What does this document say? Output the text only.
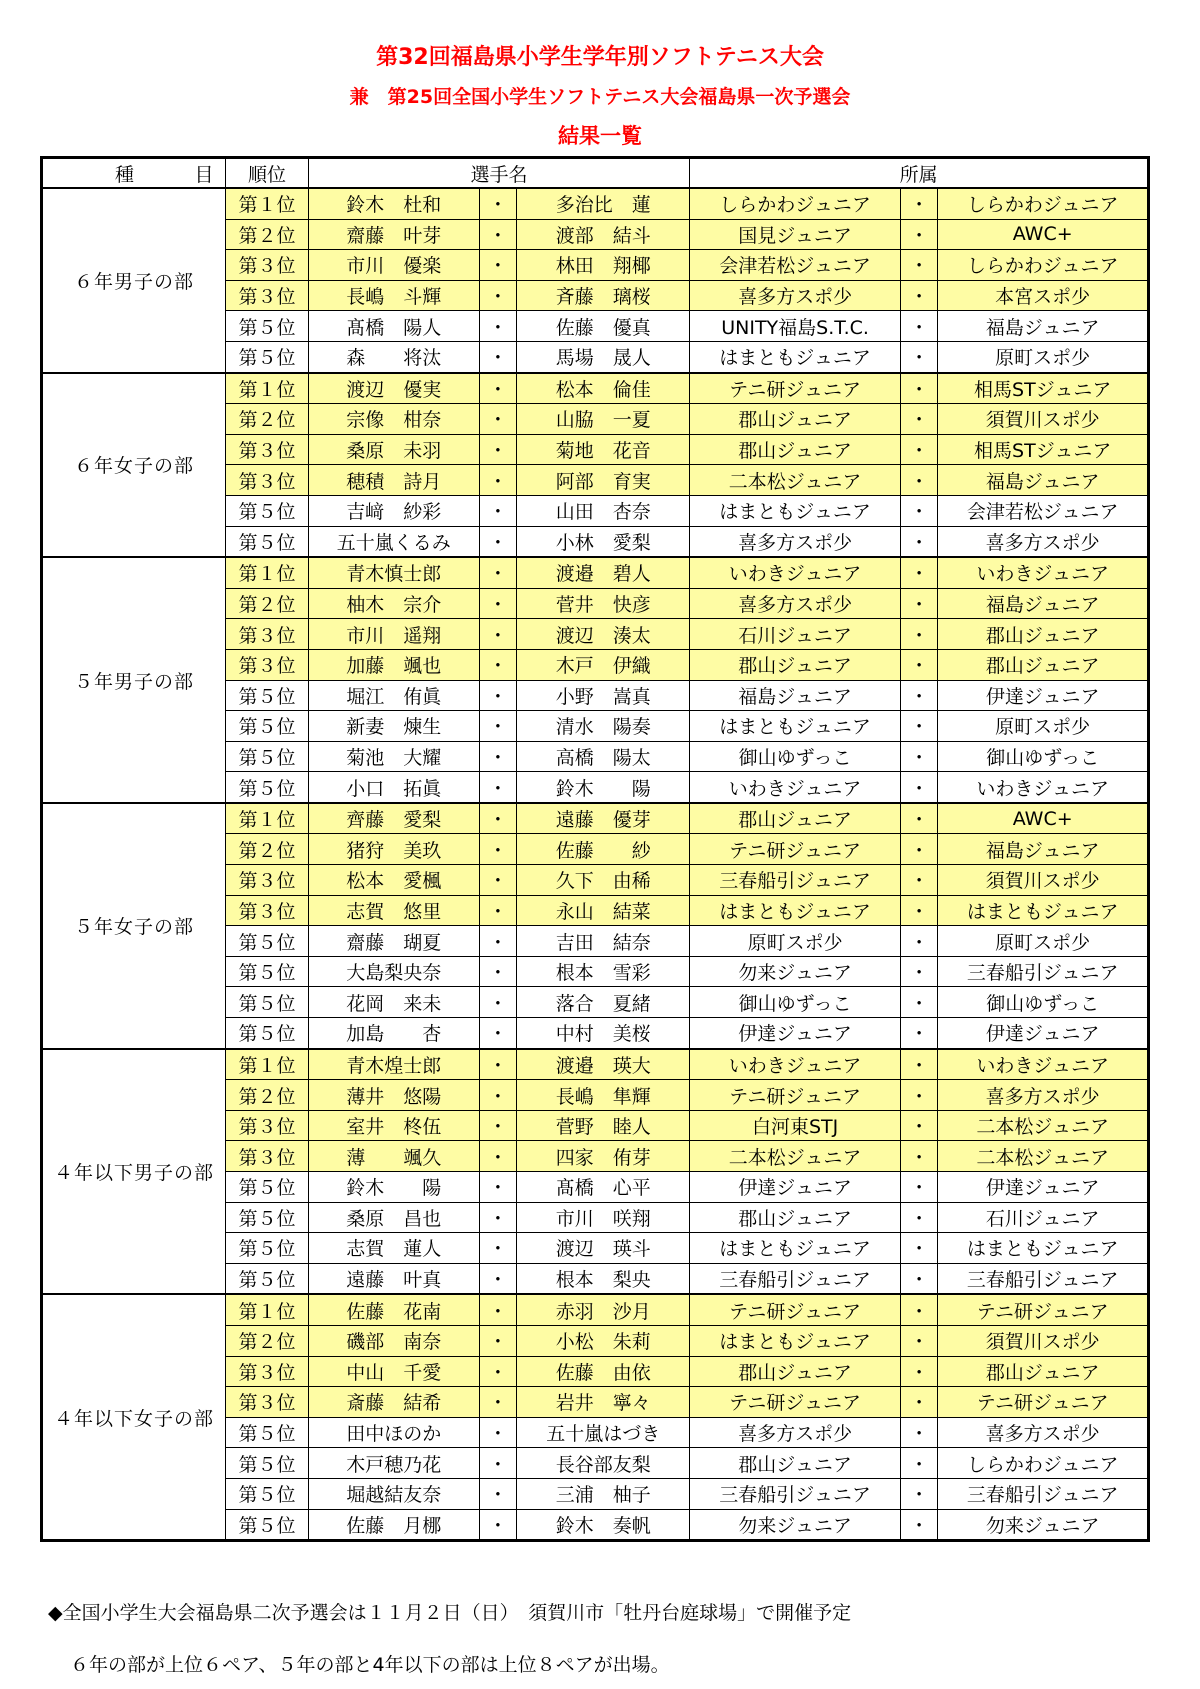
第32回福島県小学生学年別ソフトテニス大会
兼　第25回全国小学生ソフトテニス大会福島県一次予選会
結果一覧
種 目	順位	選手名			所属		
６年男子の部	第１位	鈴木　杜和	・	多治比　蓮	しらかわジュニア	・	しらかわジュニア
	第２位	齋藤　叶芽	・	渡部　結斗	国見ジュニア	・	AWC+
	第３位	市川　優楽	・	林田　翔椰	会津若松ジュニア	・	しらかわジュニア
	第３位	長嶋　斗輝	・	斉藤　璃桜	喜多方スポ少	・	本宮スポ少
	第５位	髙橋　陽人	・	佐藤　優真	UNITY福島S.T.C.	・	福島ジュニア
	第５位	森　　将汰	・	馬場　晟人	はまともジュニア	・	原町スポ少
６年女子の部	第１位	渡辺　優実	・	松本　倫佳	テニ研ジュニア	・	相馬STジュニア
	第２位	宗像　柑奈	・	山脇　一夏	郡山ジュニア	・	須賀川スポ少
	第３位	桑原　未羽	・	菊地　花音	郡山ジュニア	・	相馬STジュニア
	第３位	穂積　詩月	・	阿部　育実	二本松ジュニア	・	福島ジュニア
	第５位	吉﨑　紗彩	・	山田　杏奈	はまともジュニア	・	会津若松ジュニア
	第５位	五十嵐くるみ	・	小林　愛梨	喜多方スポ少	・	喜多方スポ少
５年男子の部	第１位	青木慎士郎	・	渡邉　碧人	いわきジュニア	・	いわきジュニア
	第２位	柚木　宗介	・	菅井　快彦	喜多方スポ少	・	福島ジュニア
	第３位	市川　遥翔	・	渡辺　湊太	石川ジュニア	・	郡山ジュニア
	第３位	加藤　颯也	・	木戸　伊織	郡山ジュニア	・	郡山ジュニア
	第５位	堀江　侑眞	・	小野　嵩真	福島ジュニア	・	伊達ジュニア
	第５位	新妻　煉生	・	清水　陽奏	はまともジュニア	・	原町スポ少
	第５位	菊池　大耀	・	高橋　陽太	御山ゆずっこ	・	御山ゆずっこ
	第５位	小口　拓眞	・	鈴木　　陽	いわきジュニア	・	いわきジュニア
５年女子の部	第１位	齊藤　愛梨	・	遠藤　優芽	郡山ジュニア	・	AWC+
	第２位	猪狩　美玖	・	佐藤　　紗	テニ研ジュニア	・	福島ジュニア
	第３位	松本　愛楓	・	久下　由稀	三春船引ジュニア	・	須賀川スポ少
	第３位	志賀　悠里	・	永山　結菜	はまともジュニア	・	はまともジュニア
	第５位	齋藤　瑚夏	・	吉田　結奈	原町スポ少	・	原町スポ少
	第５位	大島梨央奈	・	根本　雪彩	勿来ジュニア	・	三春船引ジュニア
	第５位	花岡　来未	・	落合　夏緒	御山ゆずっこ	・	御山ゆずっこ
	第５位	加島　　杏	・	中村　美桜	伊達ジュニア	・	伊達ジュニア
４年以下男子の部	第１位	青木煌士郎	・	渡邉　瑛大	いわきジュニア	・	いわきジュニア
	第２位	薄井　悠陽	・	長嶋　隼輝	テニ研ジュニア	・	喜多方スポ少
	第３位	室井　柊伍	・	菅野　睦人	白河東STJ	・	二本松ジュニア
	第３位	薄　　颯久	・	四家　侑芽	二本松ジュニア	・	二本松ジュニア
	第５位	鈴木　　陽	・	髙橋　心平	伊達ジュニア	・	伊達ジュニア
	第５位	桑原　昌也	・	市川　咲翔	郡山ジュニア	・	石川ジュニア
	第５位	志賀　蓮人	・	渡辺　瑛斗	はまともジュニア	・	はまともジュニア
	第５位	遠藤　叶真	・	根本　梨央	三春船引ジュニア	・	三春船引ジュニア
４年以下女子の部	第１位	佐藤　花南	・	赤羽　沙月	テニ研ジュニア	・	テニ研ジュニア
	第２位	磯部　南奈	・	小松　朱莉	はまともジュニア	・	須賀川スポ少
	第３位	中山　千愛	・	佐藤　由依	郡山ジュニア	・	郡山ジュニア
	第３位	斎藤　結希	・	岩井　寧々	テニ研ジュニア	・	テニ研ジュニア
	第５位	田中ほのか	・	五十嵐はづき	喜多方スポ少	・	喜多方スポ少
	第５位	木戸穂乃花	・	長谷部友梨	郡山ジュニア	・	しらかわジュニア
	第５位	堀越結友奈	・	三浦　柚子	三春船引ジュニア	・	三春船引ジュニア
	第５位	佐藤　月梛	・	鈴木　奏帆	勿来ジュニア	・	勿来ジュニア
◆全国小学生大会福島県二次予選会は１１月２日（日）　須賀川市「牡丹台庭球場」で開催予定
６年の部が上位６ペア、５年の部と4年以下の部は上位８ペアが出場。
